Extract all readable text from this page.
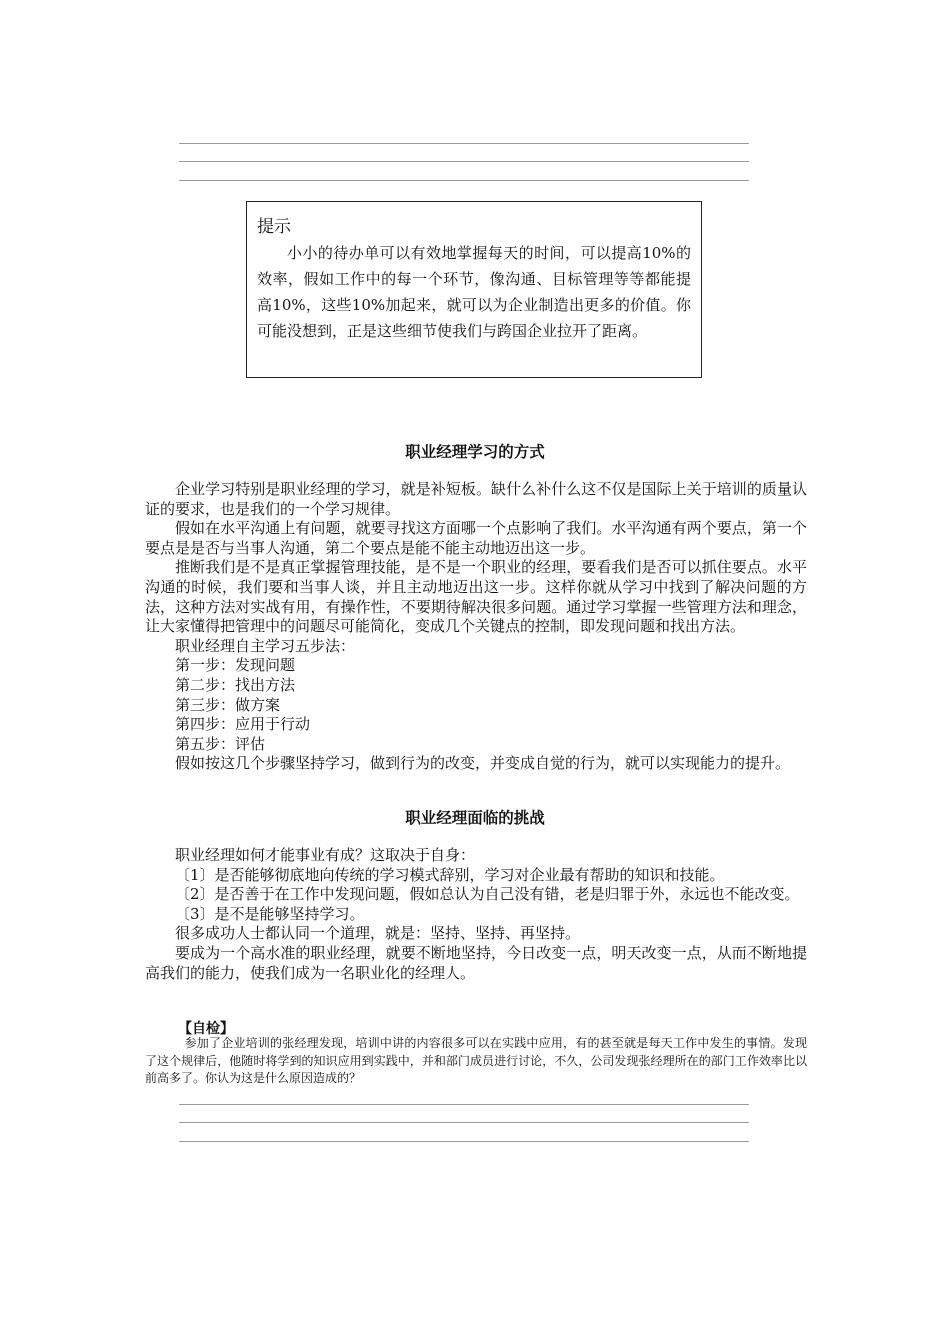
提示

小小的待办单可以有效地掌握每天的时间，可以提高10%的效率，假如工作中的每一个环节，像沟通、目标管理等等都能提高10%，这些10%加起来，就可以为企业制造出更多的价值。你可能没想到，正是这些细节使我们与跨国企业拉开了距离。

职业经理学习的方式

企业学习特别是职业经理的学习，就是补短板。缺什么补什么这不仅是国际上关于培训的质量认证的要求，也是我们的一个学习规律。

假如在水平沟通上有问题，就要寻找这方面哪一个点影响了我们。水平沟通有两个要点，第一个要点是是否与当事人沟通，第二个要点是能不能主动地迈出这一步。

推断我们是不是真正掌握管理技能，是不是一个职业的经理，要看我们是否可以抓住要点。水平沟通的时候，我们要和当事人谈，并且主动地迈出这一步。这样你就从学习中找到了解决问题的方法，这种方法对实战有用，有操作性，不要期待解决很多问题。通过学习掌握一些管理方法和理念，让大家懂得把管理中的问题尽可能简化，变成几个关键点的控制，即发现问题和找出方法。

职业经理自主学习五步法：

第一步：发现问题

第二步：找出方法

第三步：做方案

第四步：应用于行动

第五步：评估

假如按这几个步骤坚持学习，做到行为的改变，并变成自觉的行为，就可以实现能力的提升。

职业经理面临的挑战

职业经理如何才能事业有成？这取决于自身：

〔1〕是否能够彻底地向传统的学习模式辞别，学习对企业最有帮助的知识和技能。

〔2〕是否善于在工作中发现问题，假如总认为自己没有错，老是归罪于外，永远也不能改变。

〔3〕是不是能够坚持学习。

很多成功人士都认同一个道理，就是：坚持、坚持、再坚持。

要成为一个高水准的职业经理，就要不断地坚持，今日改变一点，明天改变一点，从而不断地提高我们的能力，使我们成为一名职业化的经理人。

【自检】

参加了企业培训的张经理发现，培训中讲的内容很多可以在实践中应用，有的甚至就是每天工作中发生的事情。发现了这个规律后，他随时将学到的知识应用到实践中，并和部门成员进行讨论，不久，公司发现张经理所在的部门工作效率比以前高多了。你认为这是什么原因造成的？
